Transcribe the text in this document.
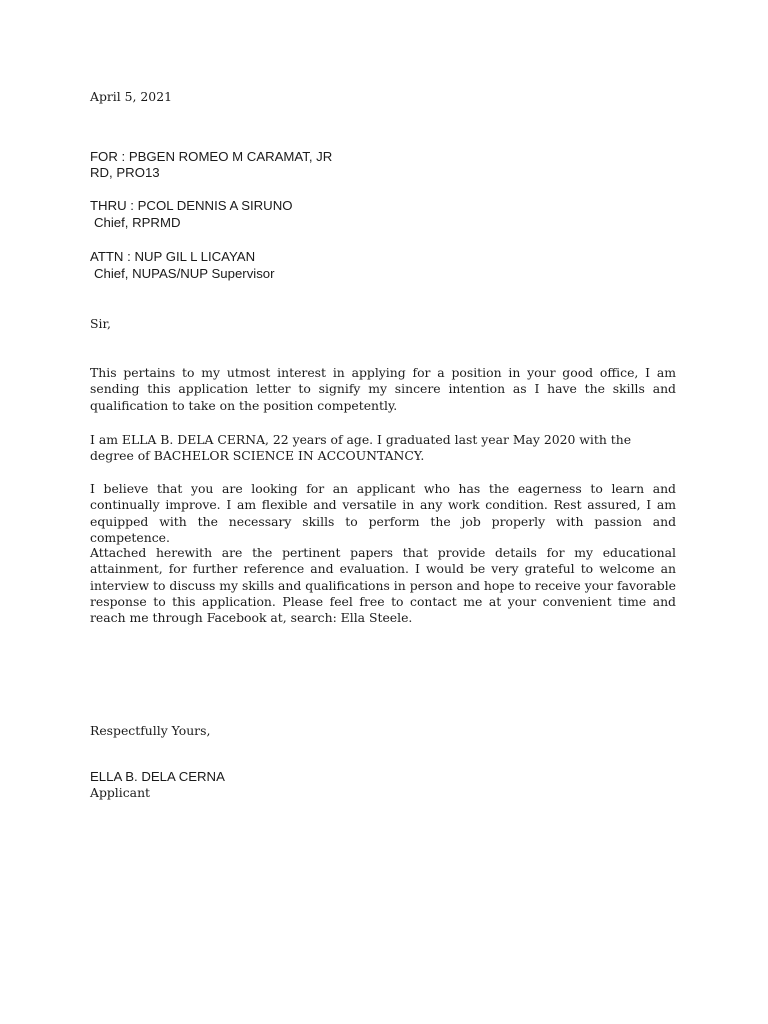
April 5, 2021
FOR : PBGEN ROMEO M CARAMAT, JR
RD, PRO13
THRU : PCOL DENNIS A SIRUNO
Chief, RPRMD
ATTN : NUP GIL L LICAYAN
Chief, NUPAS/NUP Supervisor
Sir,

This pertains to my utmost interest in applying for a position in your good office, I am sending this application letter to signify my sincere intention as I have the skills and qualification to take on the position competently.

I am ELLA B. DELA CERNA, 22 years of age. I graduated last year May 2020 with the degree of BACHELOR SCIENCE IN ACCOUNTANCY.

I believe that you are looking for an applicant who has the eagerness to learn and continually improve. I am flexible and versatile in any work condition. Rest assured, I am equipped with the necessary skills to perform the job properly with passion and competence.

Attached herewith are the pertinent papers that provide details for my educational attainment, for further reference and evaluation. I would be very grateful to welcome an interview to discuss my skills and qualifications in person and hope to receive your favorable response to this application. Please feel free to contact me at your convenient time and reach me through Facebook at, search: Ella Steele.

Respectfully Yours,
ELLA B. DELA CERNA
Applicant
